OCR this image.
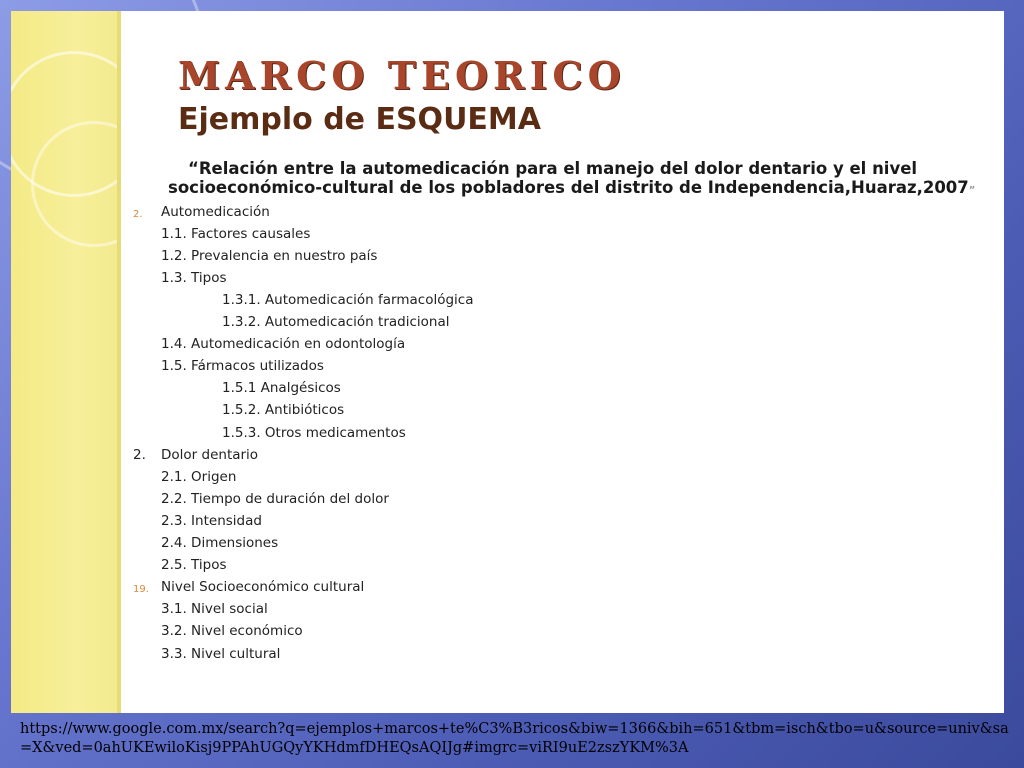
MARCO TEORICO
Ejemplo de ESQUEMA

“Relación entre la automedicación para el manejo del dolor dentario y el nivel
socioeconómico-cultural de los pobladores del distrito de Independencia,Huaraz,2007”

2. Automedicación
1.1. Factores causales
1.2. Prevalencia en nuestro país
1.3. Tipos
1.3.1. Automedicación farmacológica
1.3.2. Automedicación tradicional
1.4. Automedicación en odontología
1.5. Fármacos utilizados
1.5.1 Analgésicos
1.5.2. Antibióticos
1.5.3. Otros medicamentos
2. Dolor dentario
2.1. Origen
2.2. Tiempo de duración del dolor
2.3. Intensidad
2.4. Dimensiones
2.5. Tipos
19. Nivel Socioeconómico cultural
3.1. Nivel social
3.2. Nivel económico
3.3. Nivel cultural

https://www.google.com.mx/search?q=ejemplos+marcos+te%C3%B3ricos&biw=1366&bih=651&tbm=isch&tbo=u&source=univ&sa=X&ved=0ahUKEwiloKisj9PPAhUGQyYKHdmfDHEQsAQIJg#imgrc=viRI9uE2zszYKM%3A
